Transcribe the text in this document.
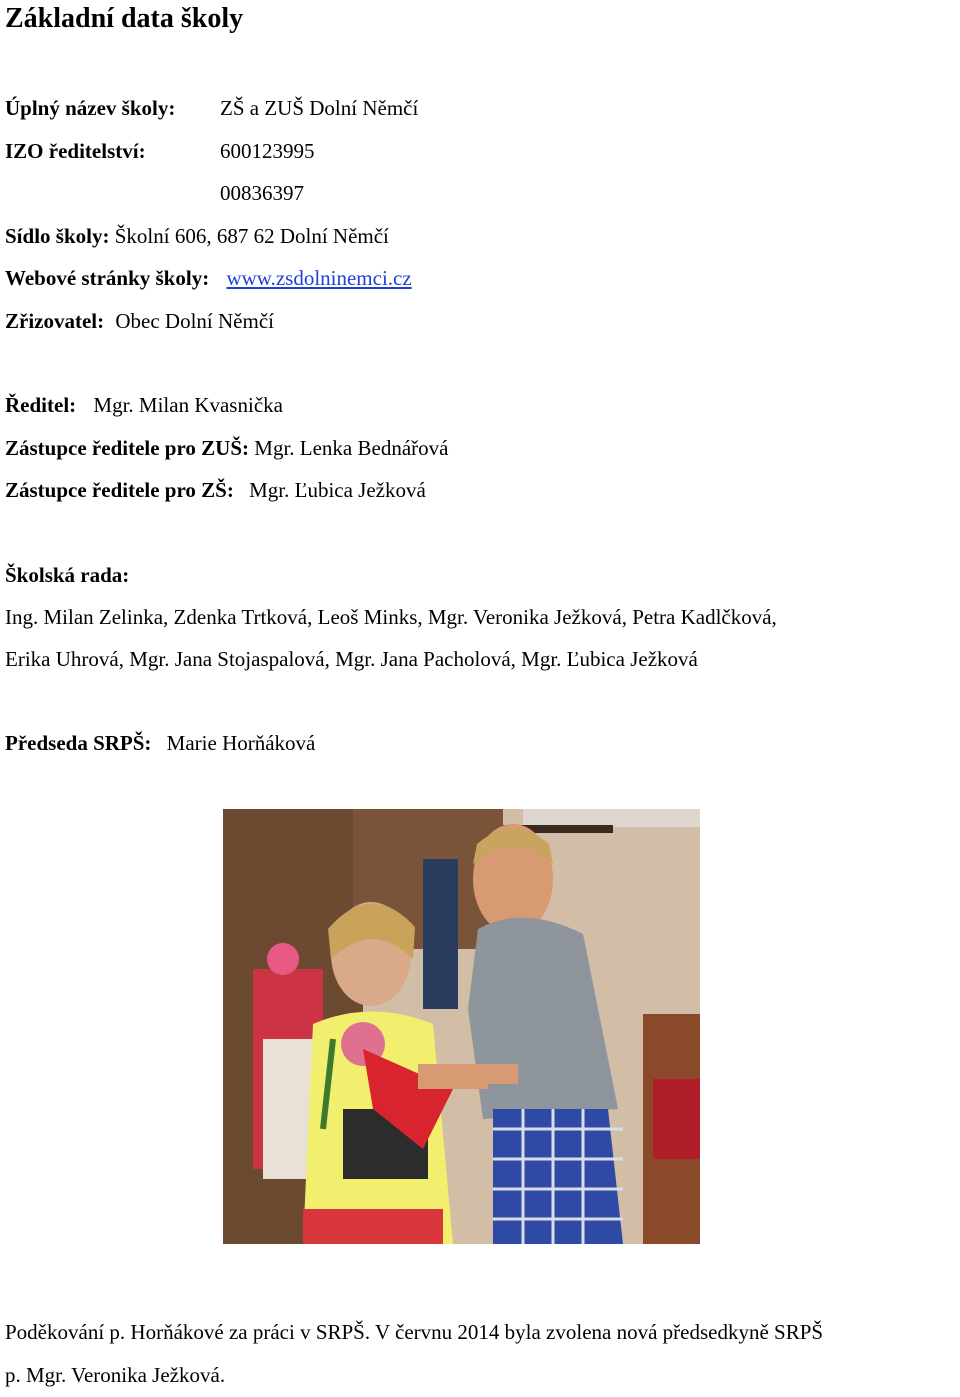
Základní data školy
Úplný název školy: ZŠ a ZUŠ Dolní Němčí
IZO ředitelství:	600123995
00836397
Sídlo školy: Školní 606, 687 62 Dolní Němčí
Webové stránky školy: www.zsdolninemci.cz
Zřizovatel: Obec Dolní Němčí
Ředitel: Mgr. Milan Kvasnička
Zástupce ředitele pro ZUŠ: Mgr. Lenka Bednářová
Zástupce ředitele pro ZŠ: Mgr. Ľubica Ježková
Školská rada:
Ing. Milan Zelinka, Zdenka Trtková, Leoš Minks, Mgr. Veronika Ježková, Petra Kadlčková,
Erika Uhrová, Mgr. Jana Stojaspalová, Mgr. Jana Pacholová, Mgr. Ľubica Ježková
Předseda SRPŠ: Marie Horňáková
Poděkování p. Horňákové za práci v SRPŠ. V červnu 2014 byla zvolena nová předsedkyně SRPŠ
p. Mgr. Veronika Ježková.
